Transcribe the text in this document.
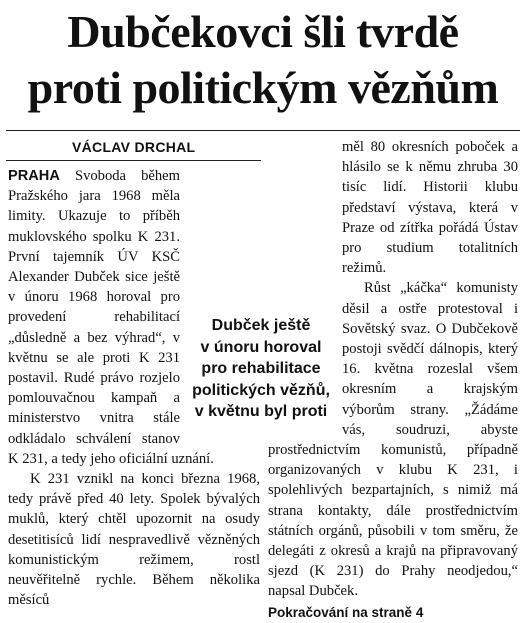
Dubčekovci šli tvrdě
proti politickým vězňům
VÁCLAV DRCHAL

PRAHA Svoboda během Pražského jara 1968 měla limity. Ukazuje to příběh muklovského spolku K 231. První tajemník ÚV KSČ Alexander Dubček sice ještě v únoru 1968 horoval pro provedení rehabilitací „důsledně a bez výhrad“, v květnu se ale proti K 231 postavil. Rudé právo rozjelo pomlouvačnou kampaň a ministerstvo vnitra stále odkládalo schválení stanov K 231, a tedy jeho oficiální uznání.

K 231 vznikl na konci března 1968, tedy právě před 40 lety. Spolek bývalých muklů, který chtěl upozornit na osudy desetitisíců lidí nespravedlivě vězněných komunistickým režimem, rostl neuvěřitelně rychle. Během několika měsíců

měl 80 okresních poboček a hlásilo se k němu zhruba 30 tisíc lidí. Historii klubu představí výstava, která v Praze od zítřka pořádá Ústav pro studium totalitních režimů.

Růst „káčka“ komunisty děsil a ostře protestoval i Sovětský svaz. O Dubčekově postoji svědčí dálnopis, který 16. května rozeslal všem okresním a krajským výborům strany. „Žádáme vás, soudruzi, abyste prostřednictvím komunistů, případně organizovaných v klubu K 231, i spolehlivých bezpartajních, s nimiž má strana kontakty, dále prostřednictvím státních orgánů, působili v tom směru, že delegáti z okresů a krajů na připravovaný sjezd (K 231) do Prahy neodjedou,“ napsal Dubček.

Pokračování na straně 4
Dubček ještě
v únoru horoval
pro rehabilitace
politických vězňů,
v květnu byl proti
